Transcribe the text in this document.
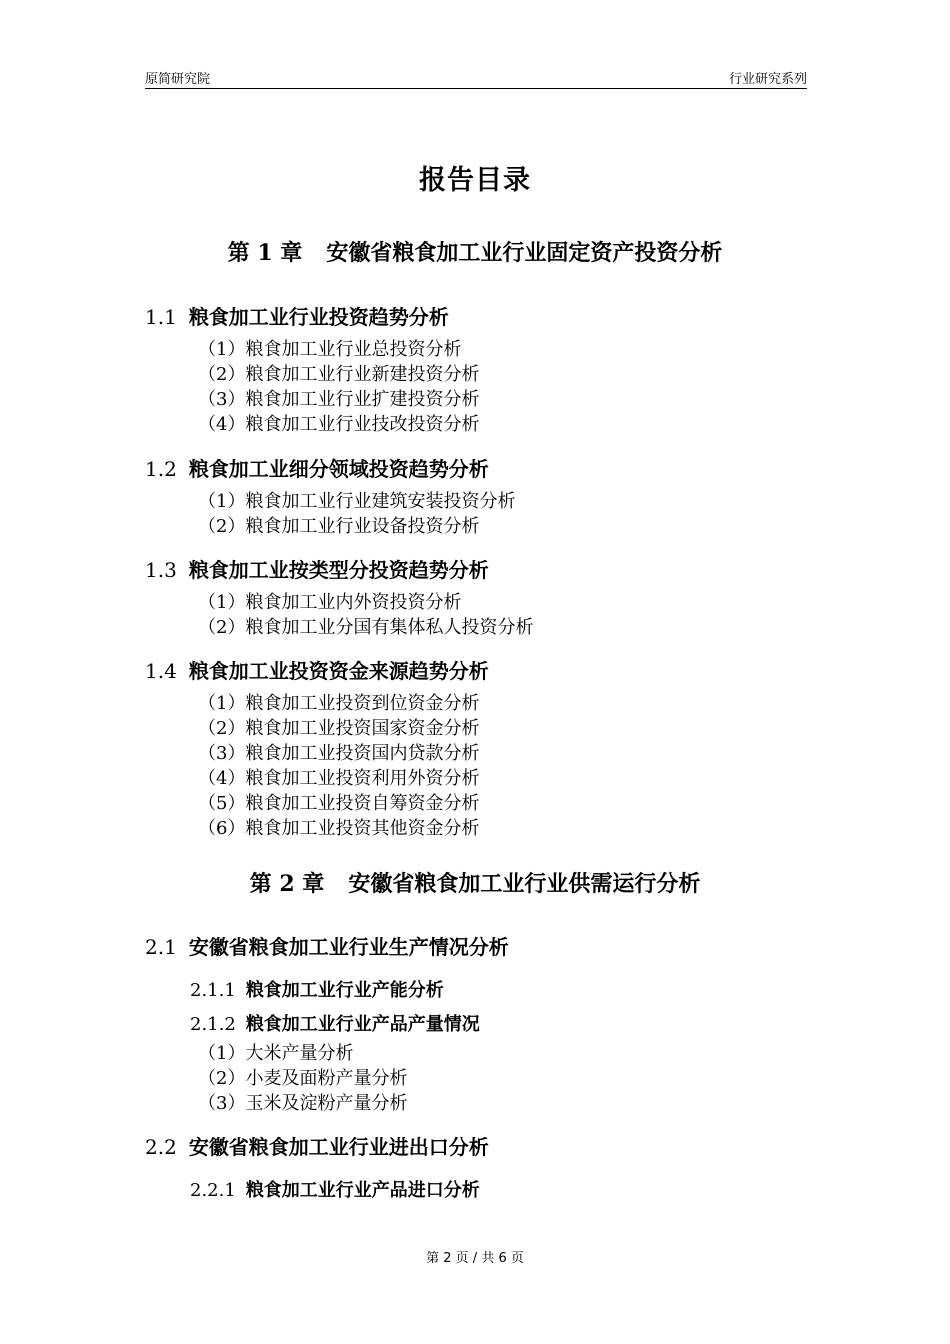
原简研究院	行业研究系列
报告目录
第 1 章 安徽省粮食加工业行业固定资产投资分析
1.1 粮食加工业行业投资趋势分析
（1）粮食加工业行业总投资分析
（2）粮食加工业行业新建投资分析
（3）粮食加工业行业扩建投资分析
（4）粮食加工业行业技改投资分析
1.2 粮食加工业细分领域投资趋势分析
（1）粮食加工业行业建筑安装投资分析
（2）粮食加工业行业设备投资分析
1.3 粮食加工业按类型分投资趋势分析
（1）粮食加工业内外资投资分析
（2）粮食加工业分国有集体私人投资分析
1.4 粮食加工业投资资金来源趋势分析
（1）粮食加工业投资到位资金分析
（2）粮食加工业投资国家资金分析
（3）粮食加工业投资国内贷款分析
（4）粮食加工业投资利用外资分析
（5）粮食加工业投资自筹资金分析
（6）粮食加工业投资其他资金分析
第 2 章 安徽省粮食加工业行业供需运行分析
2.1 安徽省粮食加工业行业生产情况分析
2.1.1 粮食加工业行业产能分析
2.1.2 粮食加工业行业产品产量情况
（1）大米产量分析
（2）小麦及面粉产量分析
（3）玉米及淀粉产量分析
2.2 安徽省粮食加工业行业进出口分析
2.2.1 粮食加工业行业产品进口分析
第 2 页 / 共 6 页
